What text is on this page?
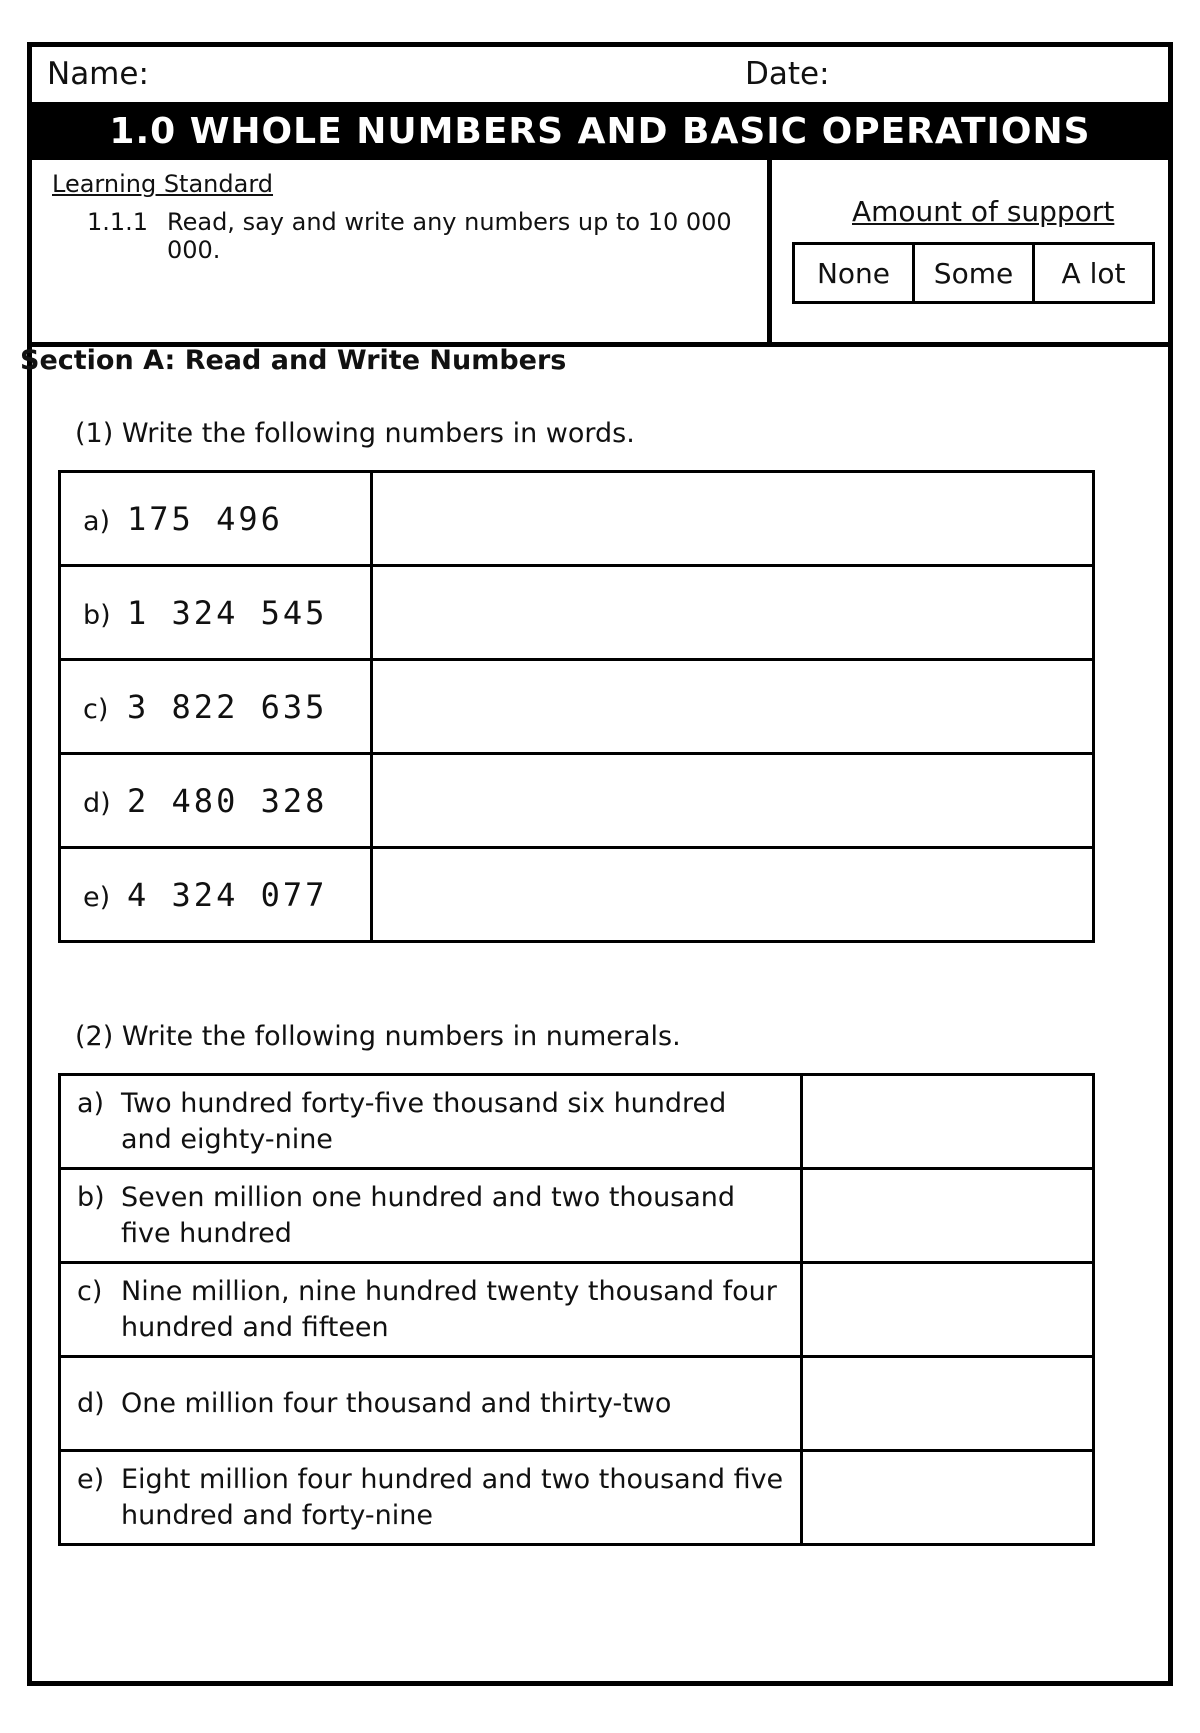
Name:	Date:
1.0 WHOLE NUMBERS AND BASIC OPERATIONS
Learning Standard
1.1.1 Read, say and write any numbers up to 10 000 000.
Amount of support
None	Some	A lot
Section A: Read and Write Numbers
(1) Write the following numbers in words.
a) 175 496	
b) 1 324 545	
c) 3 822 635	
d) 2 480 328	
e) 4 324 077	
(2) Write the following numbers in numerals.
a) Two hundred forty-five thousand six hundred and eighty-nine	

b) Seven million one hundred and two thousand five hundred	

c) Nine million, nine hundred twenty thousand four hundred and fifteen	

d) One million four thousand and thirty-two	

e) Eight million four hundred and two thousand five hundred and forty-nine	
